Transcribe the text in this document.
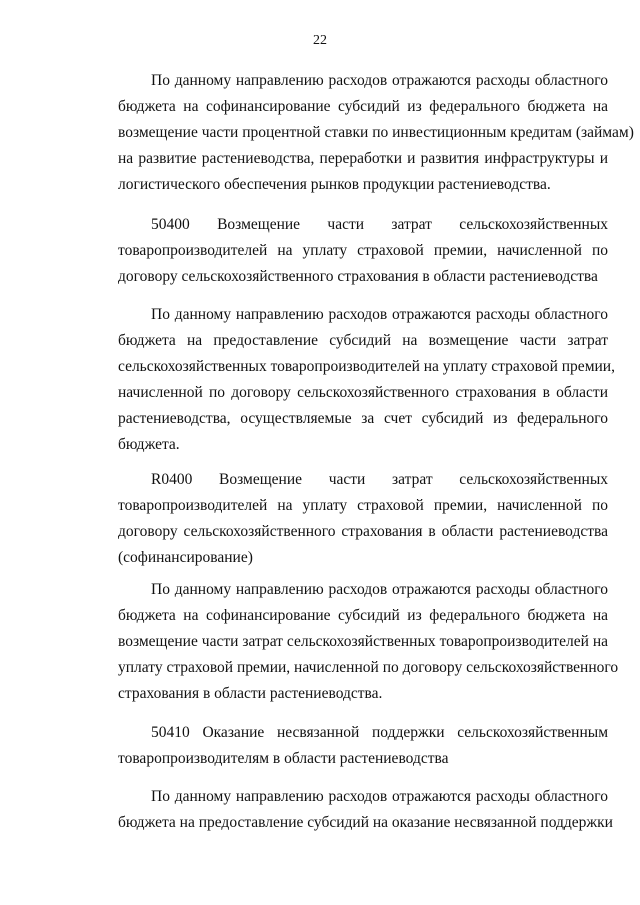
22
По данному направлению расходов отражаются расходы областного
бюджета на софинансирование субсидий из федерального бюджета на
возмещение части процентной ставки по инвестиционным кредитам (займам)
на развитие растениеводства, переработки и развития инфраструктуры и
логистического обеспечения рынков продукции растениеводства.
50400 Возмещение части затрат сельскохозяйственных
товаропроизводителей на уплату страховой премии, начисленной по
договору сельскохозяйственного страхования в области растениеводства
По данному направлению расходов отражаются расходы областного
бюджета на предоставление субсидий на возмещение части затрат
сельскохозяйственных товаропроизводителей на уплату страховой премии,
начисленной по договору сельскохозяйственного страхования в области
растениеводства, осуществляемые за счет субсидий из федерального
бюджета.
R0400 Возмещение части затрат сельскохозяйственных
товаропроизводителей на уплату страховой премии, начисленной по
договору сельскохозяйственного страхования в области растениеводства
(софинансирование)
По данному направлению расходов отражаются расходы областного
бюджета на софинансирование субсидий из федерального бюджета на
возмещение части затрат сельскохозяйственных товаропроизводителей на
уплату страховой премии, начисленной по договору сельскохозяйственного
страхования в области растениеводства.
50410 Оказание несвязанной поддержки сельскохозяйственным
товаропроизводителям в области растениеводства
По данному направлению расходов отражаются расходы областного
бюджета на предоставление субсидий на оказание несвязанной поддержки
